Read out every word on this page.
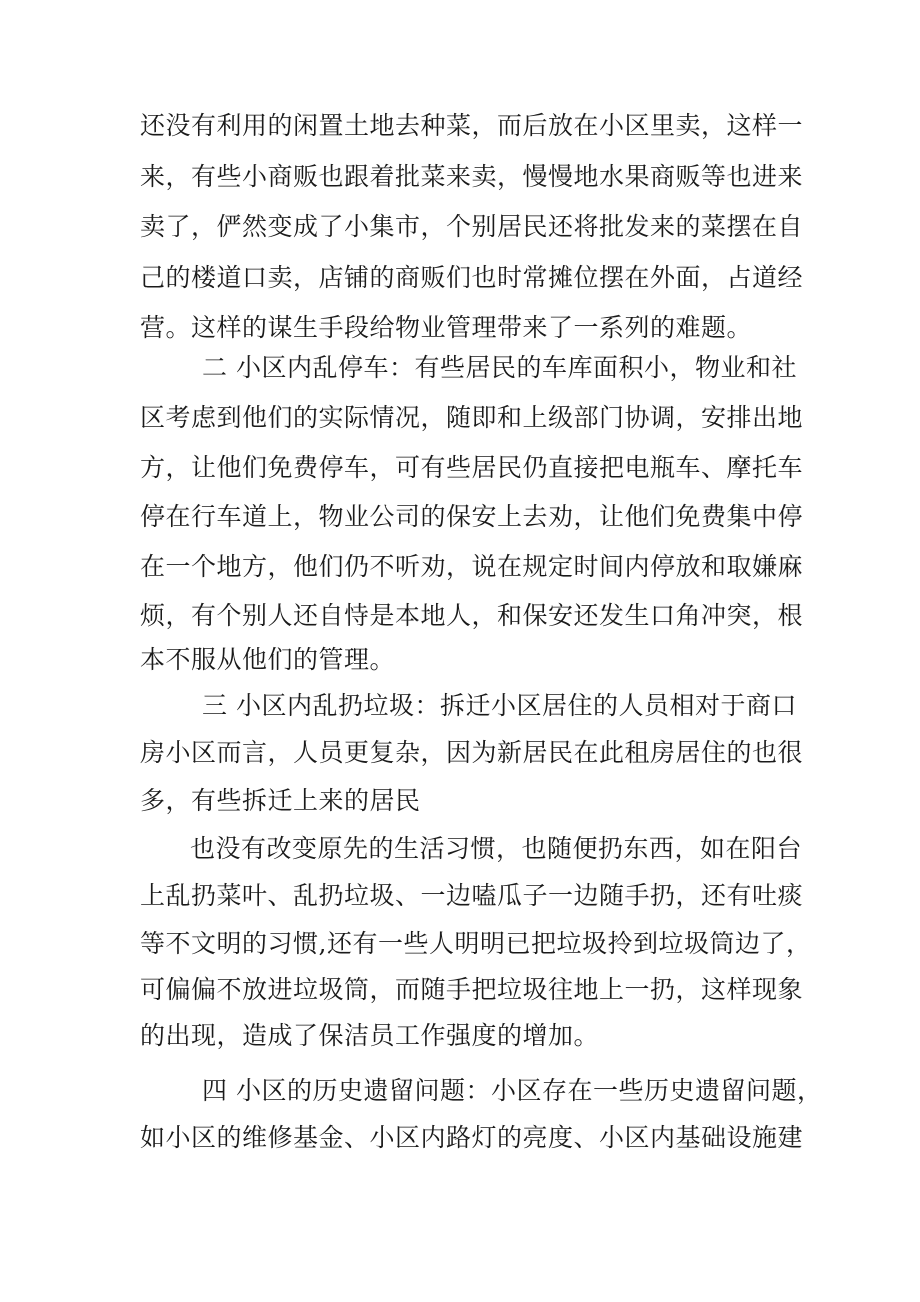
还没有利用的闲置土地去种菜，而后放在小区里卖，这样一
来，有些小商贩也跟着批菜来卖，慢慢地水果商贩等也进来
卖了，俨然变成了小集市，个别居民还将批发来的菜摆在自
己的楼道口卖，店铺的商贩们也时常摊位摆在外面，占道经
营。这样的谋生手段给物业管理带来了一系列的难题。
二 小区内乱停车：有些居民的车库面积小，物业和社
区考虑到他们的实际情况，随即和上级部门协调，安排出地
方，让他们免费停车，可有些居民仍直接把电瓶车、摩托车
停在行车道上，物业公司的保安上去劝，让他们免费集中停
在一个地方，他们仍不听劝，说在规定时间内停放和取嫌麻
烦，有个别人还自恃是本地人，和保安还发生口角冲突，根
本不服从他们的管理。
三 小区内乱扔垃圾：拆迁小区居住的人员相对于商口
房小区而言，人员更复杂，因为新居民在此租房居住的也很
多，有些拆迁上来的居民
也没有改变原先的生活习惯，也随便扔东西，如在阳台
上乱扔菜叶、乱扔垃圾、一边嗑瓜子一边随手扔，还有吐痰
等不文明的习惯,还有一些人明明已把垃圾拎到垃圾筒边了，
可偏偏不放进垃圾筒，而随手把垃圾往地上一扔，这样现象
的出现，造成了保洁员工作强度的增加。
四 小区的历史遗留问题：小区存在一些历史遗留问题，
如小区的维修基金、小区内路灯的亮度、小区内基础设施建
